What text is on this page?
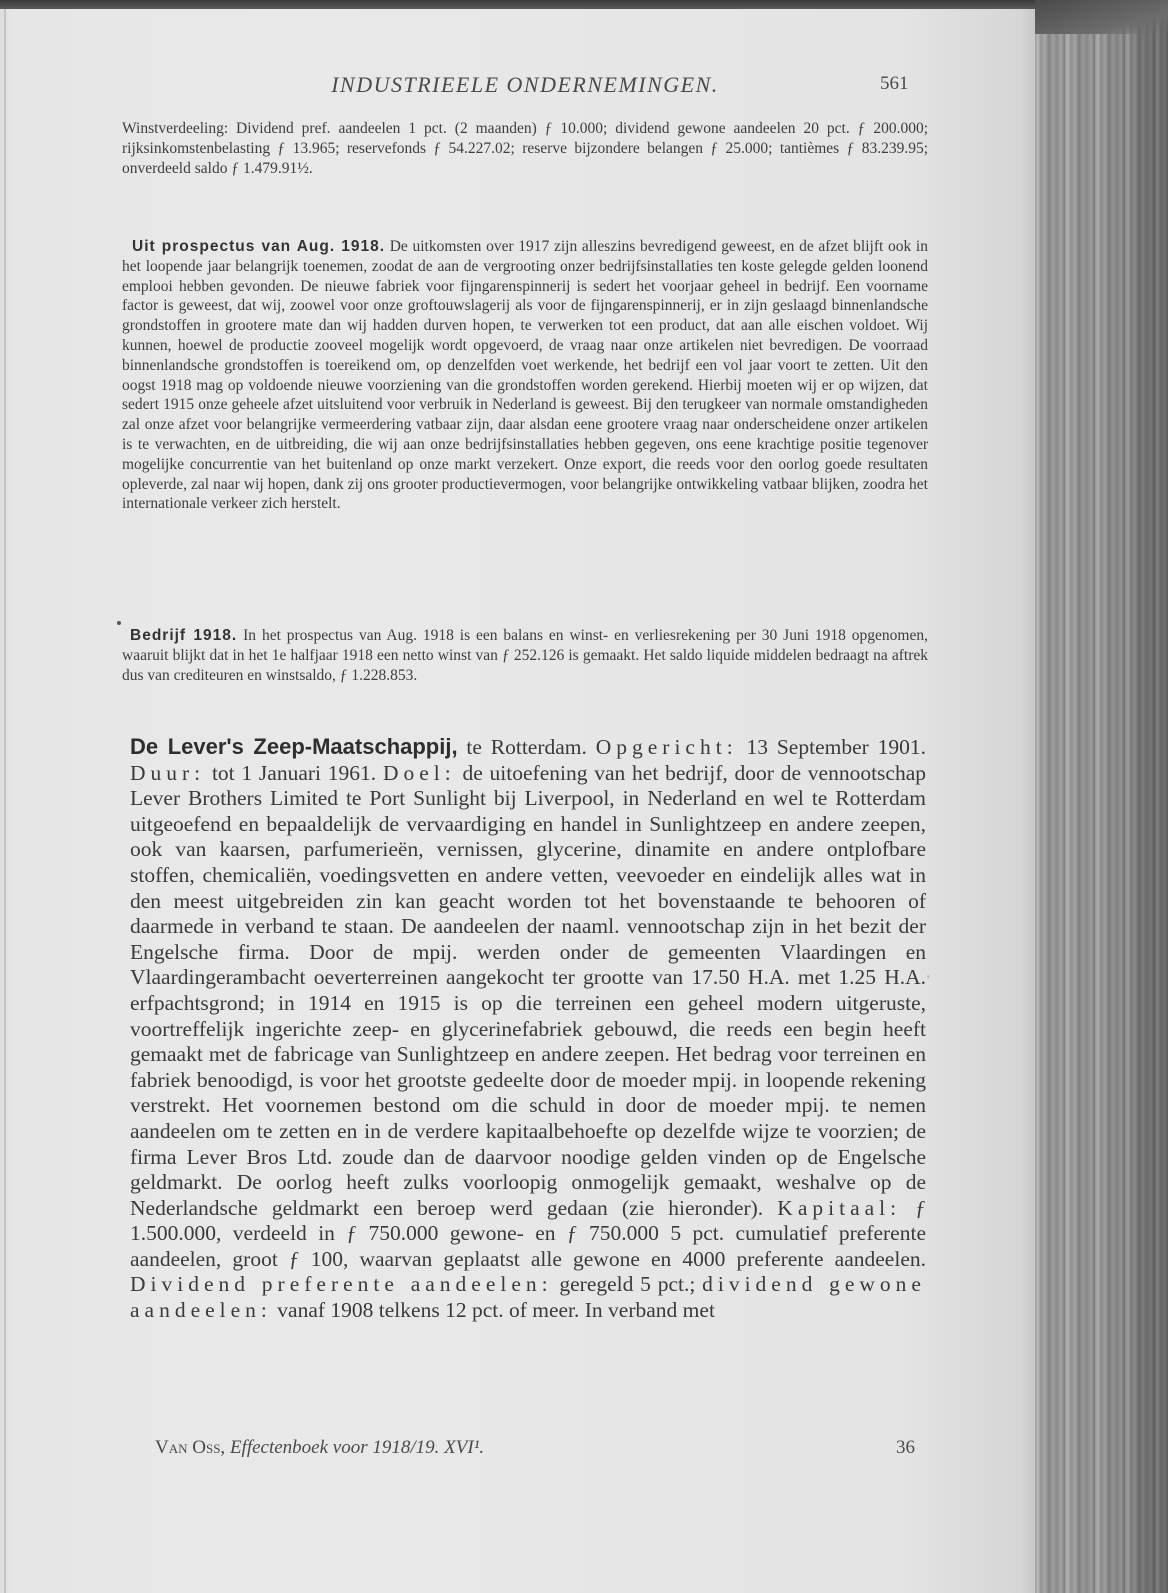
INDUSTRIEELE ONDERNEMINGEN.	561

Winstverdeeling: Dividend pref. aandeelen 1 pct. (2 maanden) ƒ 10.000; dividend gewone aandeelen 20 pct. ƒ 200.000; rijksinkomstenbelasting ƒ 13.965; reservefonds ƒ 54.227.02; reserve bijzondere belangen ƒ 25.000; tantièmes ƒ 83.239.95; onverdeeld saldo ƒ 1.479.91½.

Uit prospectus van Aug. 1918. De uitkomsten over 1917 zijn alleszins bevredigend geweest, en de afzet blijft ook in het loopende jaar belangrijk toenemen, zoodat de aan de vergrooting onzer bedrijfsinstallaties ten koste gelegde gelden loonend emplooi hebben gevonden. De nieuwe fabriek voor fijngarenspinnerij is sedert het voorjaar geheel in bedrijf. Een voorname factor is geweest, dat wij, zoowel voor onze groftouwslagerij als voor de fijngarenspinnerij, er in zijn geslaagd binnenlandsche grondstoffen in grootere mate dan wij hadden durven hopen, te verwerken tot een product, dat aan alle eischen voldoet. Wij kunnen, hoewel de productie zooveel mogelijk wordt opgevoerd, de vraag naar onze artikelen niet bevredigen. De voorraad binnenlandsche grondstoffen is toereikend om, op denzelfden voet werkende, het bedrijf een vol jaar voort te zetten. Uit den oogst 1918 mag op voldoende nieuwe voorziening van die grondstoffen worden gerekend. Hierbij moeten wij er op wijzen, dat sedert 1915 onze geheele afzet uitsluitend voor verbruik in Nederland is geweest. Bij den terugkeer van normale omstandigheden zal onze afzet voor belangrijke vermeerdering vatbaar zijn, daar alsdan eene grootere vraag naar onderscheidene onzer artikelen is te verwachten, en de uitbreiding, die wij aan onze bedrijfsinstallaties hebben gegeven, ons eene krachtige positie tegenover mogelijke concurrentie van het buitenland op onze markt verzekert. Onze export, die reeds voor den oorlog goede resultaten opleverde, zal naar wij hopen, dank zij ons grooter productievermogen, voor belangrijke ontwikkeling vatbaar blijken, zoodra het internationale verkeer zich herstelt.

Bedrijf 1918. In het prospectus van Aug. 1918 is een balans en winst- en verliesrekening per 30 Juni 1918 opgenomen, waaruit blijkt dat in het 1e halfjaar 1918 een netto winst van ƒ 252.126 is gemaakt. Het saldo liquide middelen bedraagt na aftrek dus van crediteuren en winstsaldo, ƒ 1.228.853.

De Lever's Zeep-Maatschappij, te Rotterdam. Opgericht: 13 September 1901. Duur: tot 1 Januari 1961. Doel: de uitoefening van het bedrijf, door de vennootschap Lever Brothers Limited te Port Sunlight bij Liverpool, in Nederland en wel te Rotterdam uitgeoefend en bepaaldelijk de vervaardiging en handel in Sunlightzeep en andere zeepen, ook van kaarsen, parfumerieën, vernissen, glycerine, dinamite en andere ontplofbare stoffen, chemicaliën, voedingsvetten en andere vetten, veevoeder en eindelijk alles wat in den meest uitgebreiden zin kan geacht worden tot het bovenstaande te behooren of daarmede in verband te staan. De aandeelen der naaml. vennootschap zijn in het bezit der Engelsche firma. Door de mpij. werden onder de gemeenten Vlaardingen en Vlaardingerambacht oeverterreinen aangekocht ter grootte van 17.50 H.A. met 1.25 H.A. erfpachtsgrond; in 1914 en 1915 is op die terreinen een geheel modern uitgeruste, voortreffelijk ingerichte zeep- en glycerinefabriek gebouwd, die reeds een begin heeft gemaakt met de fabricage van Sunlightzeep en andere zeepen. Het bedrag voor terreinen en fabriek benoodigd, is voor het grootste gedeelte door de moeder mpij. in loopende rekening verstrekt. Het voornemen bestond om die schuld in door de moeder mpij. te nemen aandeelen om te zetten en in de verdere kapitaalbehoefte op dezelfde wijze te voorzien; de firma Lever Bros Ltd. zoude dan de daarvoor noodige gelden vinden op de Engelsche geldmarkt. De oorlog heeft zulks voorloopig onmogelijk gemaakt, weshalve op de Nederlandsche geldmarkt een beroep werd gedaan (zie hieronder). Kapitaal: ƒ 1.500.000, verdeeld in ƒ 750.000 gewone- en ƒ 750.000 5 pct. cumulatief preferente aandeelen, groot ƒ 100, waarvan geplaatst alle gewone en 4000 preferente aandeelen. Dividend preferente aandeelen: geregeld 5 pct.; dividend gewone aandeelen: vanaf 1908 telkens 12 pct. of meer. In verband met

'
Van Oss, Effectenboek voor 1918/19. XVI¹.	36
